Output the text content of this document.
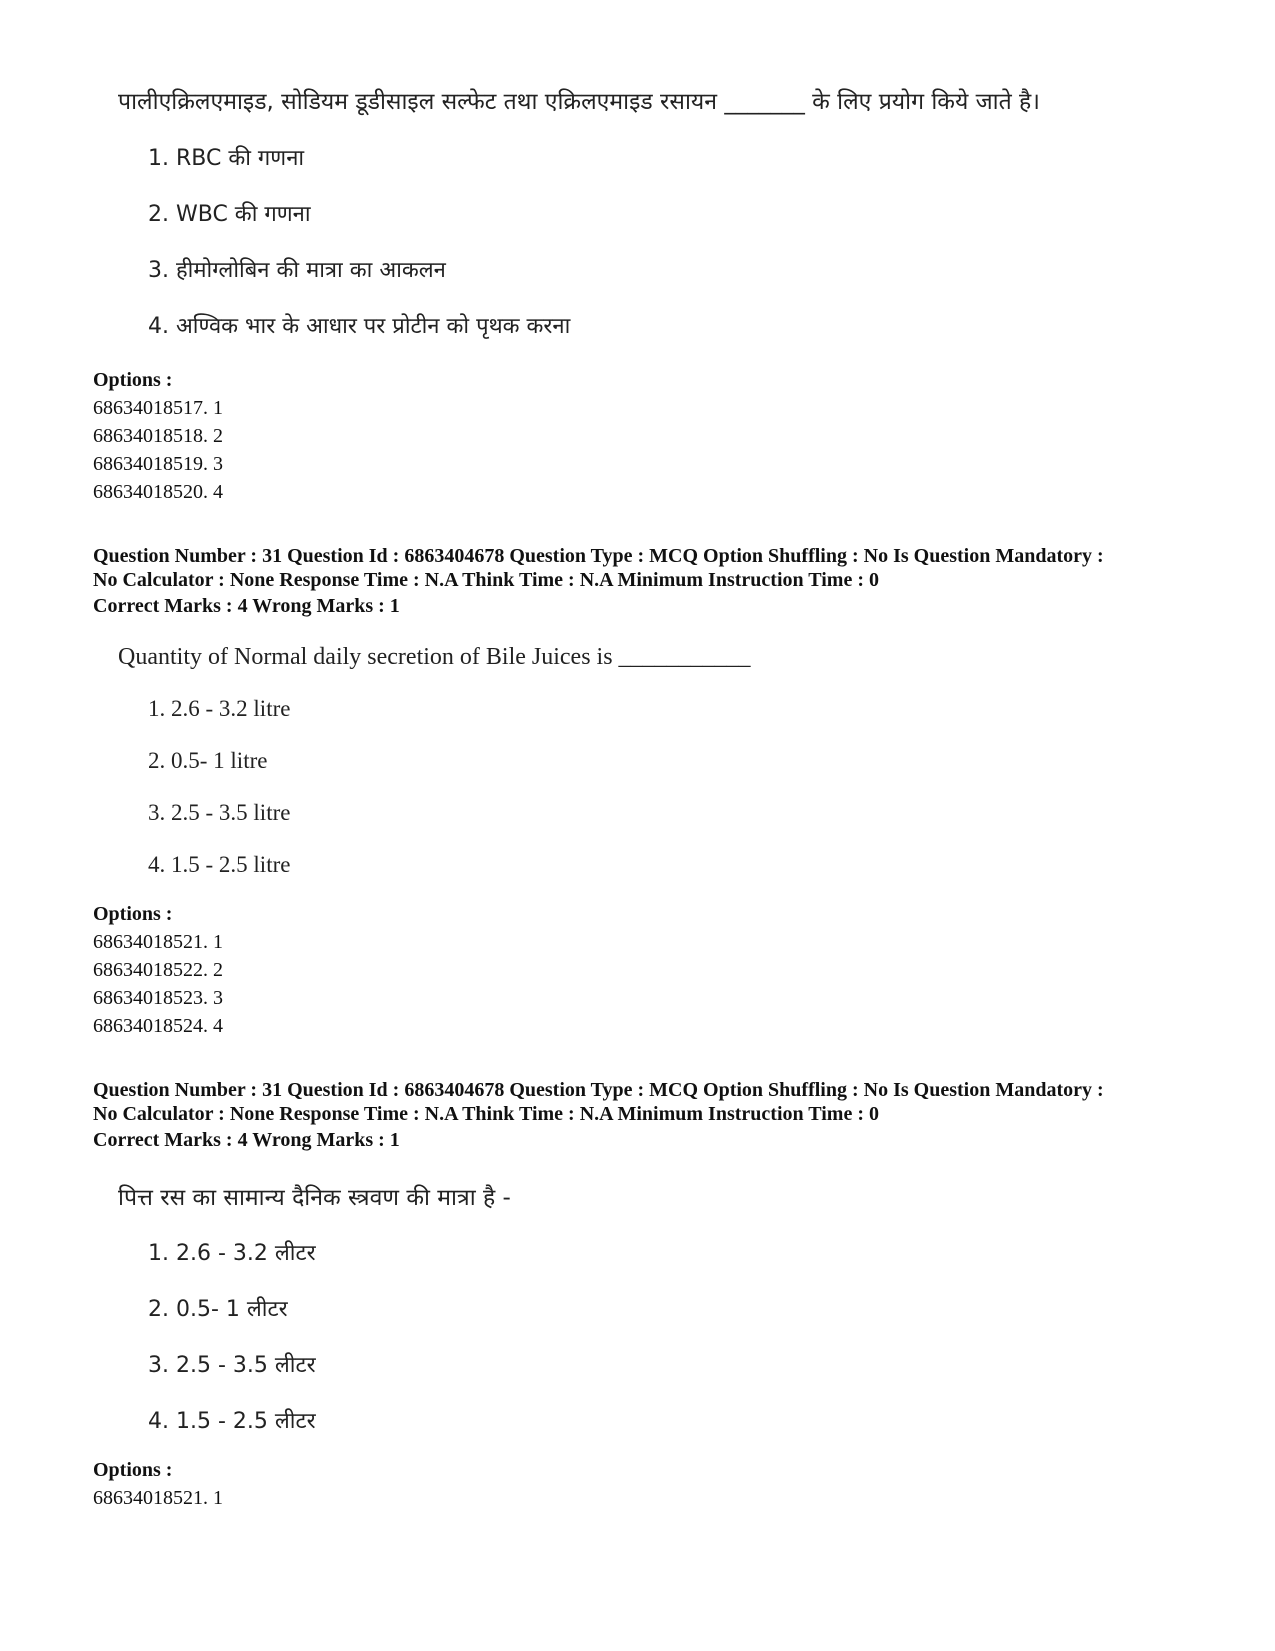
पालीएक्रिलएमाइड, सोडियम डूडीसाइल सल्फेट तथा एक्रिलएमाइड रसायन _______ के लिए प्रयोग किये जाते है।
1. RBC की गणना
2. WBC की गणना
3. हीमोग्लोबिन की मात्रा का आकलन
4. अण्विक भार के आधार पर प्रोटीन को पृथक करना
Options :
68634018517. 1
68634018518. 2
68634018519. 3
68634018520. 4
Question Number : 31 Question Id : 6863404678 Question Type : MCQ Option Shuffling : No Is Question Mandatory :
No Calculator : None Response Time : N.A Think Time : N.A Minimum Instruction Time : 0
Correct Marks : 4 Wrong Marks : 1
Quantity of Normal daily secretion of Bile Juices is ___________
1. 2.6 - 3.2 litre
2. 0.5- 1 litre
3. 2.5 - 3.5 litre
4. 1.5 - 2.5 litre
Options :
68634018521. 1
68634018522. 2
68634018523. 3
68634018524. 4
Question Number : 31 Question Id : 6863404678 Question Type : MCQ Option Shuffling : No Is Question Mandatory :
No Calculator : None Response Time : N.A Think Time : N.A Minimum Instruction Time : 0
Correct Marks : 4 Wrong Marks : 1
पित्त रस का सामान्य दैनिक स्त्रवण की मात्रा है -
1. 2.6 - 3.2 लीटर
2. 0.5- 1 लीटर
3. 2.5 - 3.5 लीटर
4. 1.5 - 2.5 लीटर
Options :
68634018521. 1
